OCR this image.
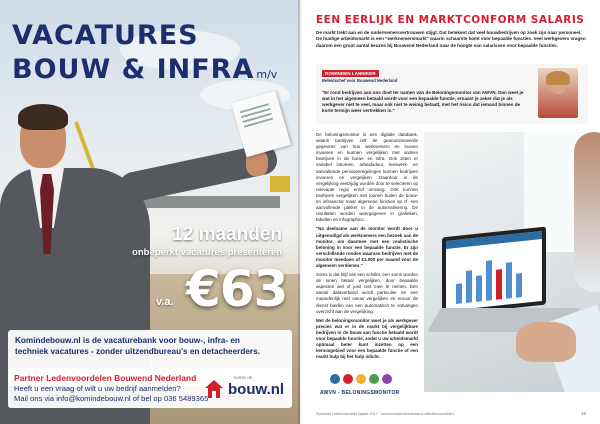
VACATURES
BOUW & INFRA m/v
12 maanden
onbeperkt vacatures presenteren
v.a. €63
Komindebouw.nl is de vacaturebank voor bouw-, infra- en
techniek vacatures - zonder uitzendbureau's en detacheerders.
Partner Ledenvoordelen Bouwend Nederland
Heeft u een vraag of wilt u uw bedrijf aanmelden?
Mail ons via info@komindebouw.nl of bel op 036 5489365
komin de
bouw.nl
EEN EERLIJK EN MARKTCONFORM SALARIS
De markt trekt aan en de ondernemersvertrouwen stijgt. Dat betekent dat veel bouwbedrijven op zoek zijn naar personeel. De huidige arbeidsmarkt is een "werknemersmarkt" waarin schaarste komt voor bepaalde functies. Veel werkgevers vragen daarom een groot aantal keuzes bij Bouwend Nederland naar de hoogte van salarissen voor bepaalde functies.
ROWINDEN LANNIKER
Beleidschef voor Bouwend Nederland
"Er rond bedrijven aan ons doet ter namen van de Beloningsmonitor van AWVN. Dan weet je wat in het algemeen betaald wordt voor een bepaalde functie, ernaast je zeker dat je als werkgever niet te veel, maar ook niet te weinig betaalt, met het risico dat iemand binnen de korte termijn weer vertrekken is."

De beloningsmonitor is een digitale databank, waarin bedrijven zelf de geanonimiseerde gegevens van hun werknemers en loonen invoeren en kunnen vergelijken met andere bedrijven in de bouw- en infra. Ook zitten er variabel inkomen, arbeidsduur, leeswerk- en aanvullende pensioenregelingen kunnen bedrijven invoeren en vergelijken. Daardoor is de vergelijking veelzijdig worden door te selecteren op relevante regio en/of omvang. Ook kunnen bedrijven vergelijken met loonen buiten de bouw- en infrasector maar algemene functies op cf. een aanvullende pakket in de automatisering. De resultaten worden weergegeven in grafieken, tabellen en infographics.

"Na deelname aan de monitor wordt door u uitgenodigd als werknemers een bezoek aan de monitor, om daarmee met een realistische beloning in voor een bepaalde functie. Er zijn verschillende rondes waarvan bedrijven met de monitor meedoen of €1.000 per maand voor de algemeen verdienen."

Soms is dat blijf van een schillet, een soms worden de lonen betaal vergelijken, door bepaalde aspecten wel of juist niet mee te nemen. Een aantal dataverband wordt particulier en een maandenlijk met nieuw vergelijken en ervoor de dienst bieden van een automatisch te ontvangen overzicht aan de vergelijking.

Met de beloningsmonitor weet je als werkgever precies wat er in de markt bij vergelijkbare bedrijven in de bouw aan functie betaald wordt voor bepaalde functie, zodat u uw arbeidsmarkt optimaal beter kunt inzetten op een kennisgebied voor een bepaalde functie of een markt hulp bij het hulp inlicht.

AWVN - BELONINGSMONITOR
Speciaal Ledenvoordeel najaar 2017 · www.bouwendnederland.nl/ledenvoordelen	19
